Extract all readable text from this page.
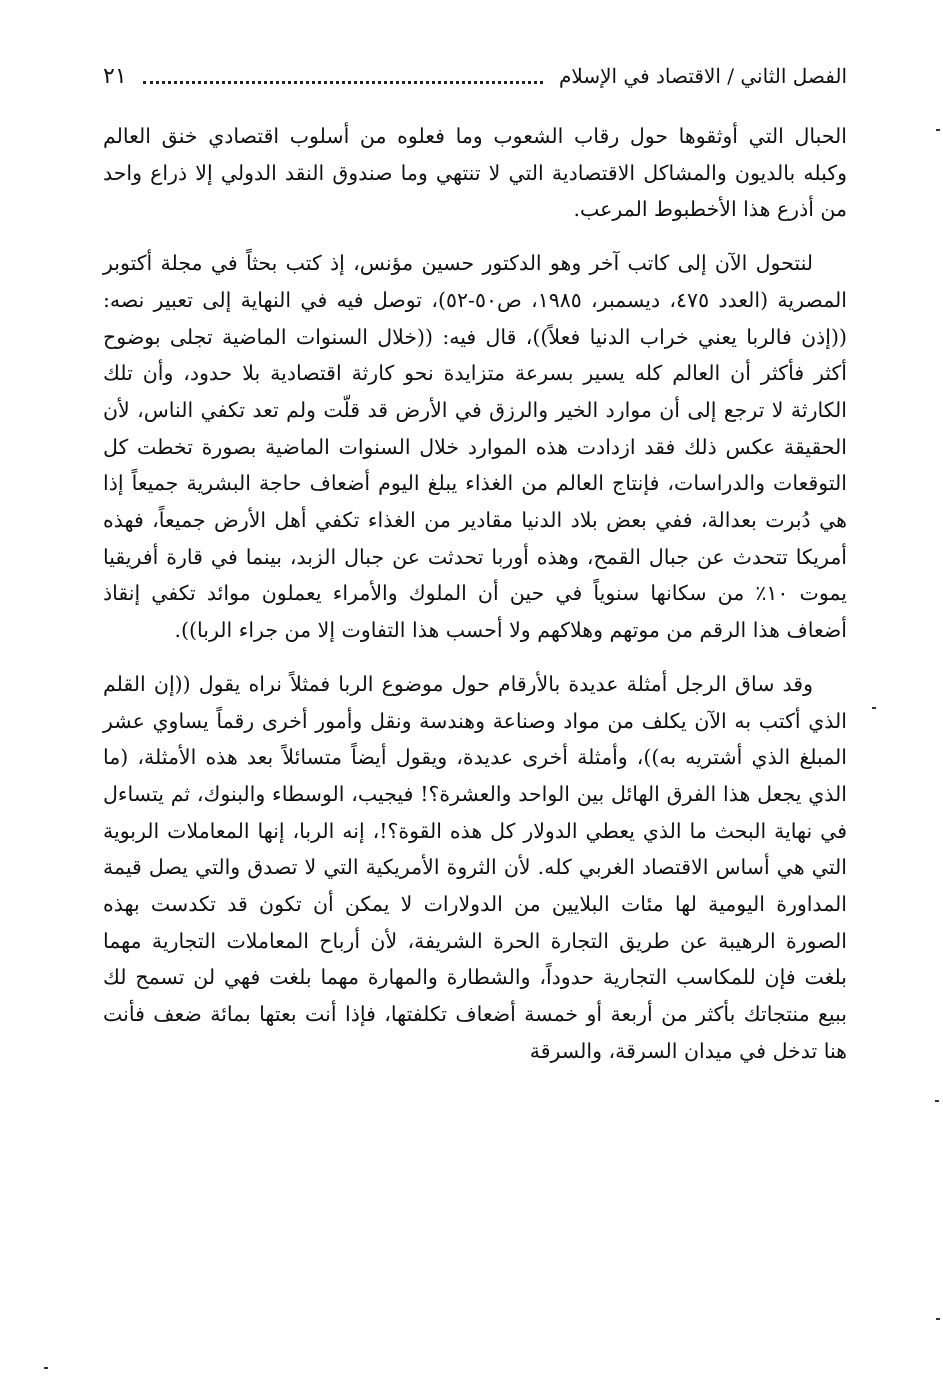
الفصل الثاني / الاقتصاد في الإسلام
٢١

الحبال التي أوثقوها حول رقاب الشعوب وما فعلوه من أسلوب اقتصادي خنق العالم وكبله بالديون والمشاكل الاقتصادية التي لا تنتهي وما صندوق النقد الدولي إلا ذراع واحد من أذرع هذا الأخطبوط المرعب.

لنتحول الآن إلى كاتب آخر وهو الدكتور حسين مؤنس، إذ كتب بحثاً في مجلة أكتوبر المصرية (العدد ٤٧٥، ديسمبر، ١٩٨٥، ص٥٠-٥٢)، توصل فيه في النهاية إلى تعبير نصه: ((إذن فالربا يعني خراب الدنيا فعلاً))، قال فيه: ((خلال السنوات الماضية تجلى بوضوح أكثر فأكثر أن العالم كله يسير بسرعة متزايدة نحو كارثة اقتصادية بلا حدود، وأن تلك الكارثة لا ترجع إلى أن موارد الخير والرزق في الأرض قد قلّت ولم تعد تكفي الناس، لأن الحقيقة عكس ذلك فقد ازدادت هذه الموارد خلال السنوات الماضية بصورة تخطت كل التوقعات والدراسات، فإنتاج العالم من الغذاء يبلغ اليوم أضعاف حاجة البشرية جميعاً إذا هي دُبرت بعدالة، ففي بعض بلاد الدنيا مقادير من الغذاء تكفي أهل الأرض جميعاً، فهذه أمريكا تتحدث عن جبال القمح، وهذه أوربا تحدثت عن جبال الزبد، بينما في قارة أفريقيا يموت ١٠٪ من سكانها سنوياً في حين أن الملوك والأمراء يعملون موائد تكفي إنقاذ أضعاف هذا الرقم من موتهم وهلاكهم ولا أحسب هذا التفاوت إلا من جراء الربا)).

وقد ساق الرجل أمثلة عديدة بالأرقام حول موضوع الربا فمثلاً نراه يقول ((إن القلم الذي أكتب به الآن يكلف من مواد وصناعة وهندسة ونقل وأمور أخرى رقماً يساوي عشر المبلغ الذي أشتريه به))، وأمثلة أخرى عديدة، ويقول أيضاً متسائلاً بعد هذه الأمثلة، (ما الذي يجعل هذا الفرق الهائل بين الواحد والعشرة؟! فيجيب، الوسطاء والبنوك، ثم يتساءل في نهاية البحث ما الذي يعطي الدولار كل هذه القوة؟!، إنه الربا، إنها المعاملات الربوية التي هي أساس الاقتصاد الغربي كله. لأن الثروة الأمريكية التي لا تصدق والتي يصل قيمة المداورة اليومية لها مئات البلايين من الدولارات لا يمكن أن تكون قد تكدست بهذه الصورة الرهيبة عن طريق التجارة الحرة الشريفة، لأن أرباح المعاملات التجارية مهما بلغت فإن للمكاسب التجارية حدوداً، والشطارة والمهارة مهما بلغت فهي لن تسمح لك ببيع منتجاتك بأكثر من أربعة أو خمسة أضعاف تكلفتها، فإذا أنت بعتها بمائة ضعف فأنت هنا تدخل في ميدان السرقة، والسرقة
